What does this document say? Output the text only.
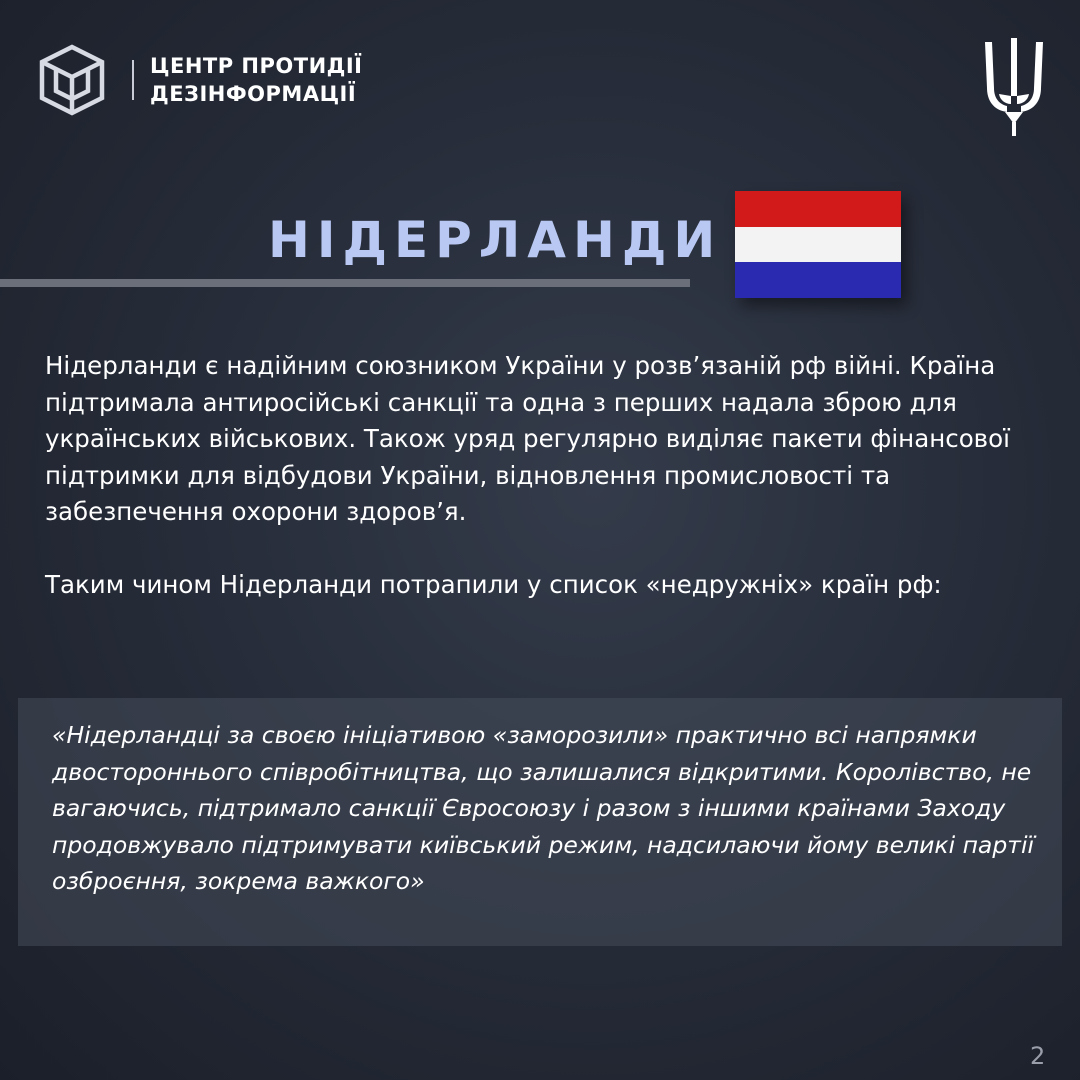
ЦЕНТР ПРОТИДІЇ
ДЕЗІНФОРМАЦІЇ
НІДЕРЛАНДИ

Нідерланди є надійним союзником України у розв’язаній рф війні. Країна підтримала антиросійські санкції та одна з перших надала зброю для українських військових. Також уряд регулярно виділяє пакети фінансової підтримки для відбудови України, відновлення промисловості та забезпечення охорони здоров’я.

Таким чином Нідерланди потрапили у список «недружніх» країн рф:

«Нідерландці за своєю ініціативою «заморозили» практично всі напрямки двостороннього співробітництва, що залишалися відкритими. Королівство, не вагаючись, підтримало санкції Євросоюзу і разом з іншими країнами Заходу продовжувало підтримувати київський режим, надсилаючи йому великі партії озброєння, зокрема важкого»

2
